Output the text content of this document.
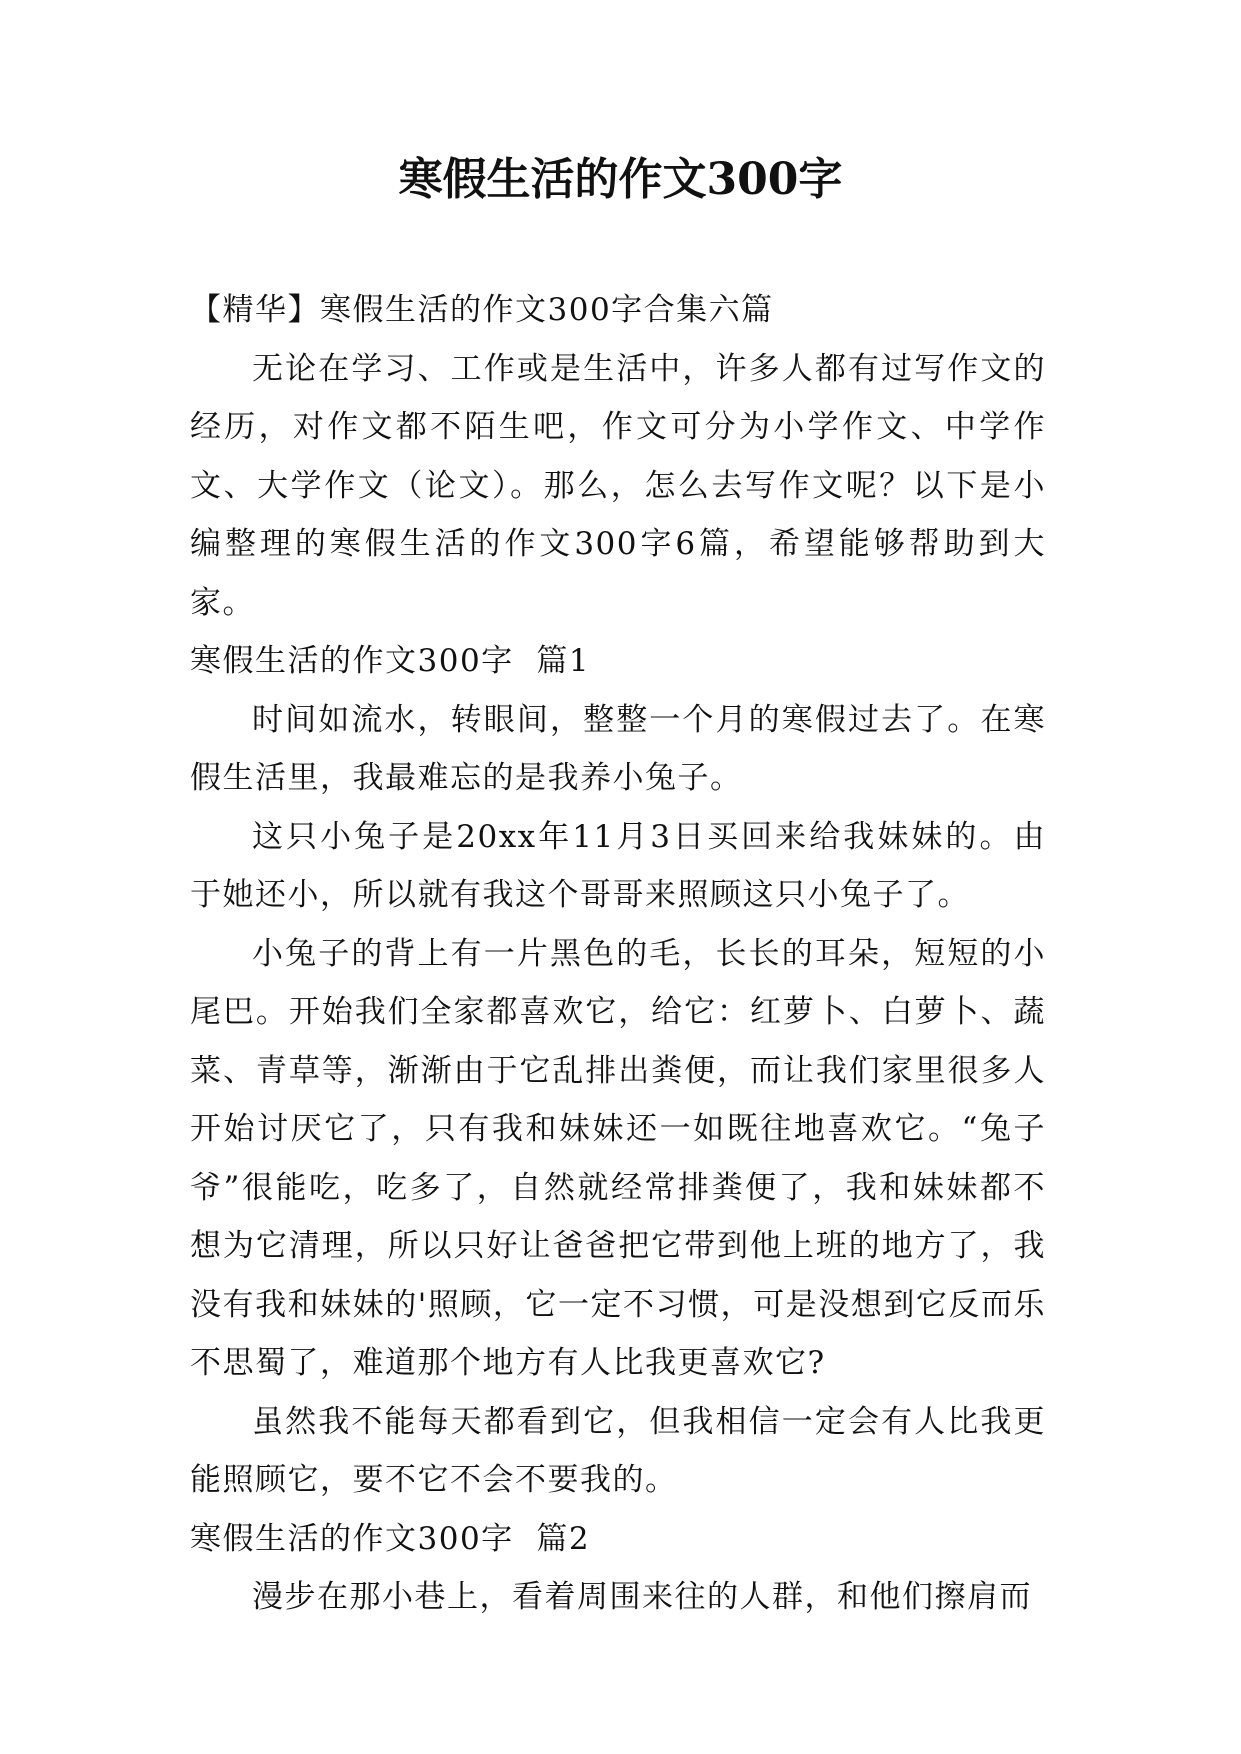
寒假生活的作文300字

【精华】寒假生活的作文300字合集六篇

无论在学习、工作或是生活中，许多人都有过写作文的经历，对作文都不陌生吧，作文可分为小学作文、中学作文、大学作文（论文）。那么，怎么去写作文呢？以下是小编整理的寒假生活的作文300字6篇，希望能够帮助到大家。

寒假生活的作文300字  篇1

时间如流水，转眼间，整整一个月的寒假过去了。在寒假生活里，我最难忘的是我养小兔子。

这只小兔子是20xx年11月3日买回来给我妹妹的。由于她还小，所以就有我这个哥哥来照顾这只小兔子了。

小兔子的背上有一片黑色的毛，长长的耳朵，短短的小尾巴。开始我们全家都喜欢它，给它：红萝卜、白萝卜、蔬菜、青草等，渐渐由于它乱排出粪便，而让我们家里很多人开始讨厌它了，只有我和妹妹还一如既往地喜欢它。“兔子爷”很能吃，吃多了，自然就经常排粪便了，我和妹妹都不想为它清理，所以只好让爸爸把它带到他上班的地方了，我没有我和妹妹的'照顾，它一定不习惯，可是没想到它反而乐不思蜀了，难道那个地方有人比我更喜欢它?

虽然我不能每天都看到它，但我相信一定会有人比我更能照顾它，要不它不会不要我的。

寒假生活的作文300字  篇2

漫步在那小巷上，看着周围来往的人群，和他们擦肩而
